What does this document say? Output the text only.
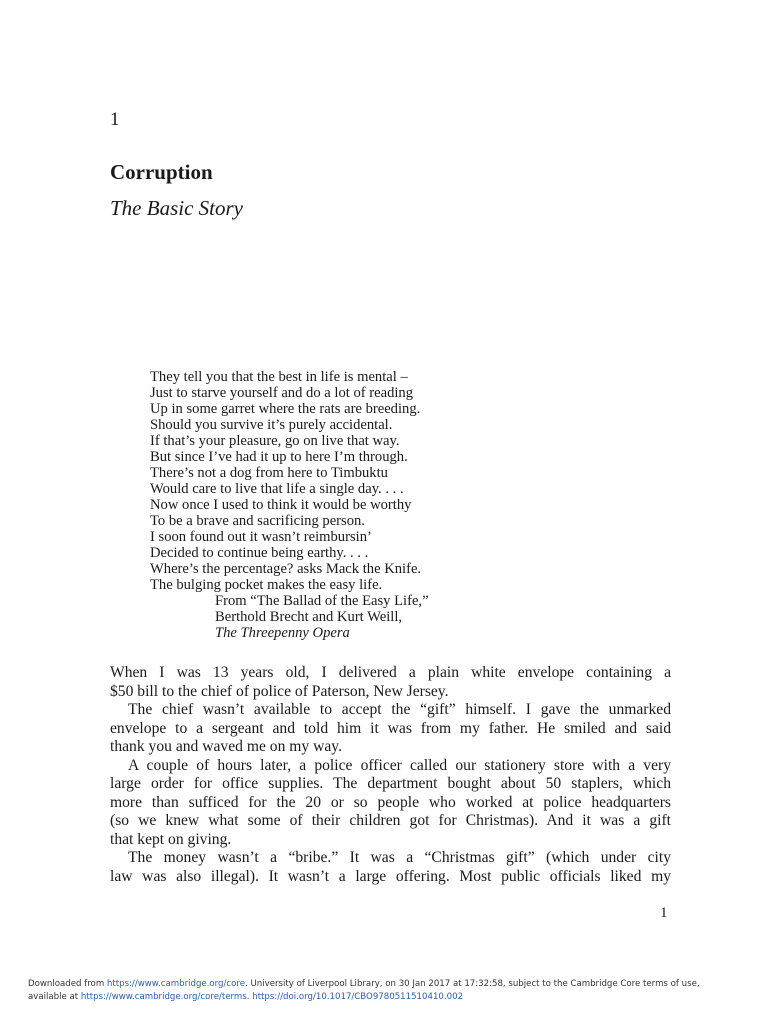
1
Corruption
The Basic Story
They tell you that the best in life is mental –
Just to starve yourself and do a lot of reading
Up in some garret where the rats are breeding.
Should you survive it’s purely accidental.
If that’s your pleasure, go on live that way.
But since I’ve had it up to here I’m through.
There’s not a dog from here to Timbuktu
Would care to live that life a single day. . . .
Now once I used to think it would be worthy
To be a brave and sacrificing person.
I soon found out it wasn’t reimbursin’
Decided to continue being earthy. . . .
Where’s the percentage? asks Mack the Knife.
The bulging pocket makes the easy life.
From “The Ballad of the Easy Life,”
Berthold Brecht and Kurt Weill,
The Threepenny Opera
When I was 13 years old, I delivered a plain white envelope containing a
$50 bill to the chief of police of Paterson, New Jersey.
The chief wasn’t available to accept the “gift” himself. I gave the unmarked
envelope to a sergeant and told him it was from my father. He smiled and said
thank you and waved me on my way.
A couple of hours later, a police officer called our stationery store with a very
large order for office supplies. The department bought about 50 staplers, which
more than sufficed for the 20 or so people who worked at police headquarters
(so we knew what some of their children got for Christmas). And it was a gift
that kept on giving.
The money wasn’t a “bribe.” It was a “Christmas gift” (which under city
law was also illegal). It wasn’t a large offering. Most public officials liked my
1
Downloaded from https://www.cambridge.org/core. University of Liverpool Library, on 30 Jan 2017 at 17:32:58, subject to the Cambridge Core terms of use,
available at https://www.cambridge.org/core/terms. https://doi.org/10.1017/CBO9780511510410.002
